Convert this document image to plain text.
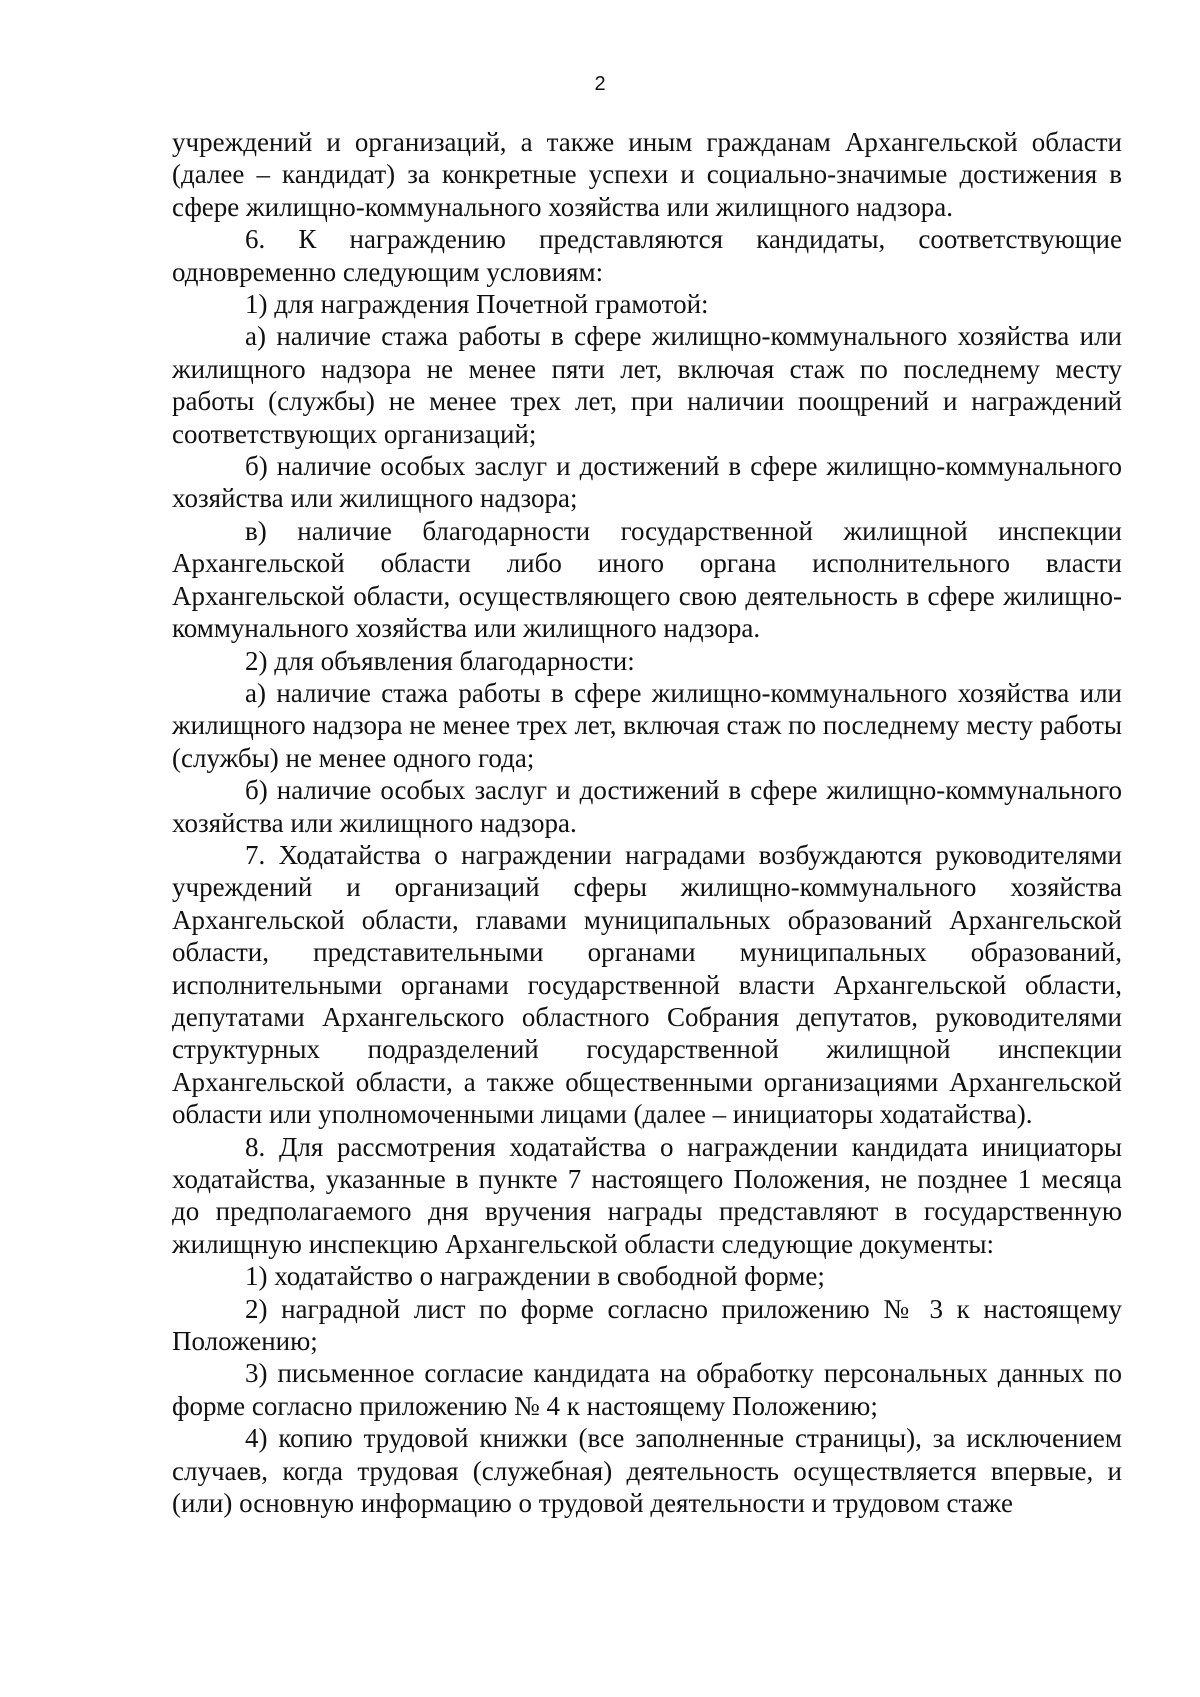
2

учреждений и организаций, а также иным гражданам Архангельской области (далее – кандидат) за конкретные успехи и социально-значимые достижения в сфере жилищно-коммунального хозяйства или жилищного надзора.

6. К награждению представляются кандидаты, соответствующие одновременно следующим условиям:

1) для награждения Почетной грамотой:

а) наличие стажа работы в сфере жилищно-коммунального хозяйства или жилищного надзора не менее пяти лет, включая стаж по последнему месту работы (службы) не менее трех лет, при наличии поощрений и награждений соответствующих организаций;

б) наличие особых заслуг и достижений в сфере жилищно-коммунального хозяйства или жилищного надзора;

в) наличие благодарности государственной жилищной инспекции Архангельской области либо иного органа исполнительного власти Архангельской области, осуществляющего свою деятельность в сфере жилищно-коммунального хозяйства или жилищного надзора.

2) для объявления благодарности:

а) наличие стажа работы в сфере жилищно-коммунального хозяйства или жилищного надзора не менее трех лет, включая стаж по последнему месту работы (службы) не менее одного года;

б) наличие особых заслуг и достижений в сфере жилищно-коммунального хозяйства или жилищного надзора.

7. Ходатайства о награждении наградами возбуждаются руководителями учреждений и организаций сферы жилищно-коммунального хозяйства Архангельской области, главами муниципальных образований Архангельской области, представительными органами муниципальных образований, исполнительными органами государственной власти Архангельской области, депутатами Архангельского областного Собрания депутатов, руководителями структурных подразделений государственной жилищной инспекции Архангельской области, а также общественными организациями Архангельской области или уполномоченными лицами (далее – инициаторы ходатайства).

8. Для рассмотрения ходатайства о награждении кандидата инициаторы ходатайства, указанные в пункте 7 настоящего Положения, не позднее 1 месяца до предполагаемого дня вручения награды представляют в государственную жилищную инспекцию Архангельской области следующие документы:

1) ходатайство о награждении в свободной форме;

2) наградной лист по форме согласно приложению № 3 к настоящему Положению;

3) письменное согласие кандидата на обработку персональных данных по форме согласно приложению № 4 к настоящему Положению;

4) копию трудовой книжки (все заполненные страницы), за исключением случаев, когда трудовая (служебная) деятельность осуществляется впервые, и (или) основную информацию о трудовой деятельности и трудовом стаже
